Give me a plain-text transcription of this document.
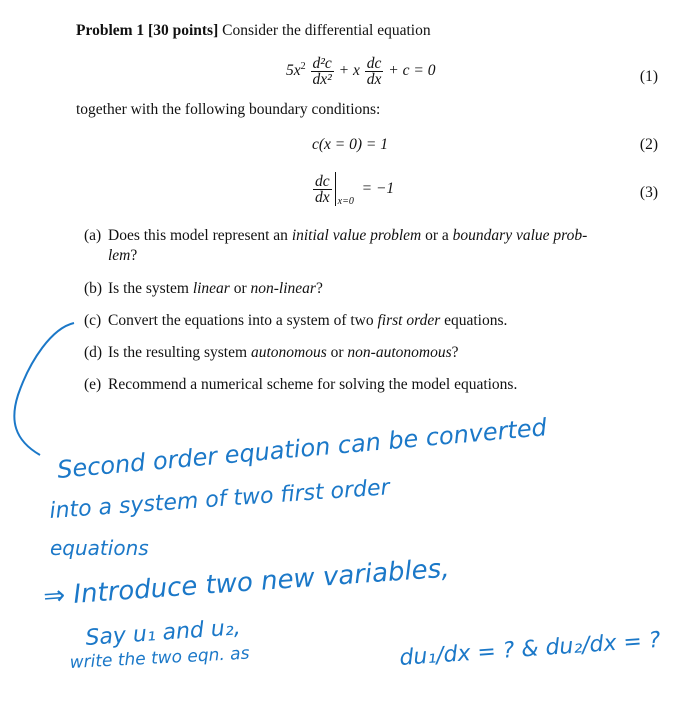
Problem 1 [30 points] Consider the differential equation
$5x^2 \frac{\text{d²c}}{\text{dx²}} + x \frac{dc}{dx} + c = 0$	(1)
together with the following boundary conditions:
c(x = 0) = 1	(2)
$\frac{dc}{dx} x=0$
= −1	(3)
(a) Does this model represent an initial value problem or a boundary value prob-
lem?
(b) Is the system linear or non-linear?
(c) Convert the equations into a system of two first order equations.
(d) Is the resulting system autonomous or non-autonomous?
(e) Recommend a numerical scheme for solving the model equations.
Second order equation can be converted
into a system of two first order
equations
⇒ Introduce two new variables,
Say u₁ and u₂,
write the two eqn. as	du₁/dx = ? & du₂/dx = ?
